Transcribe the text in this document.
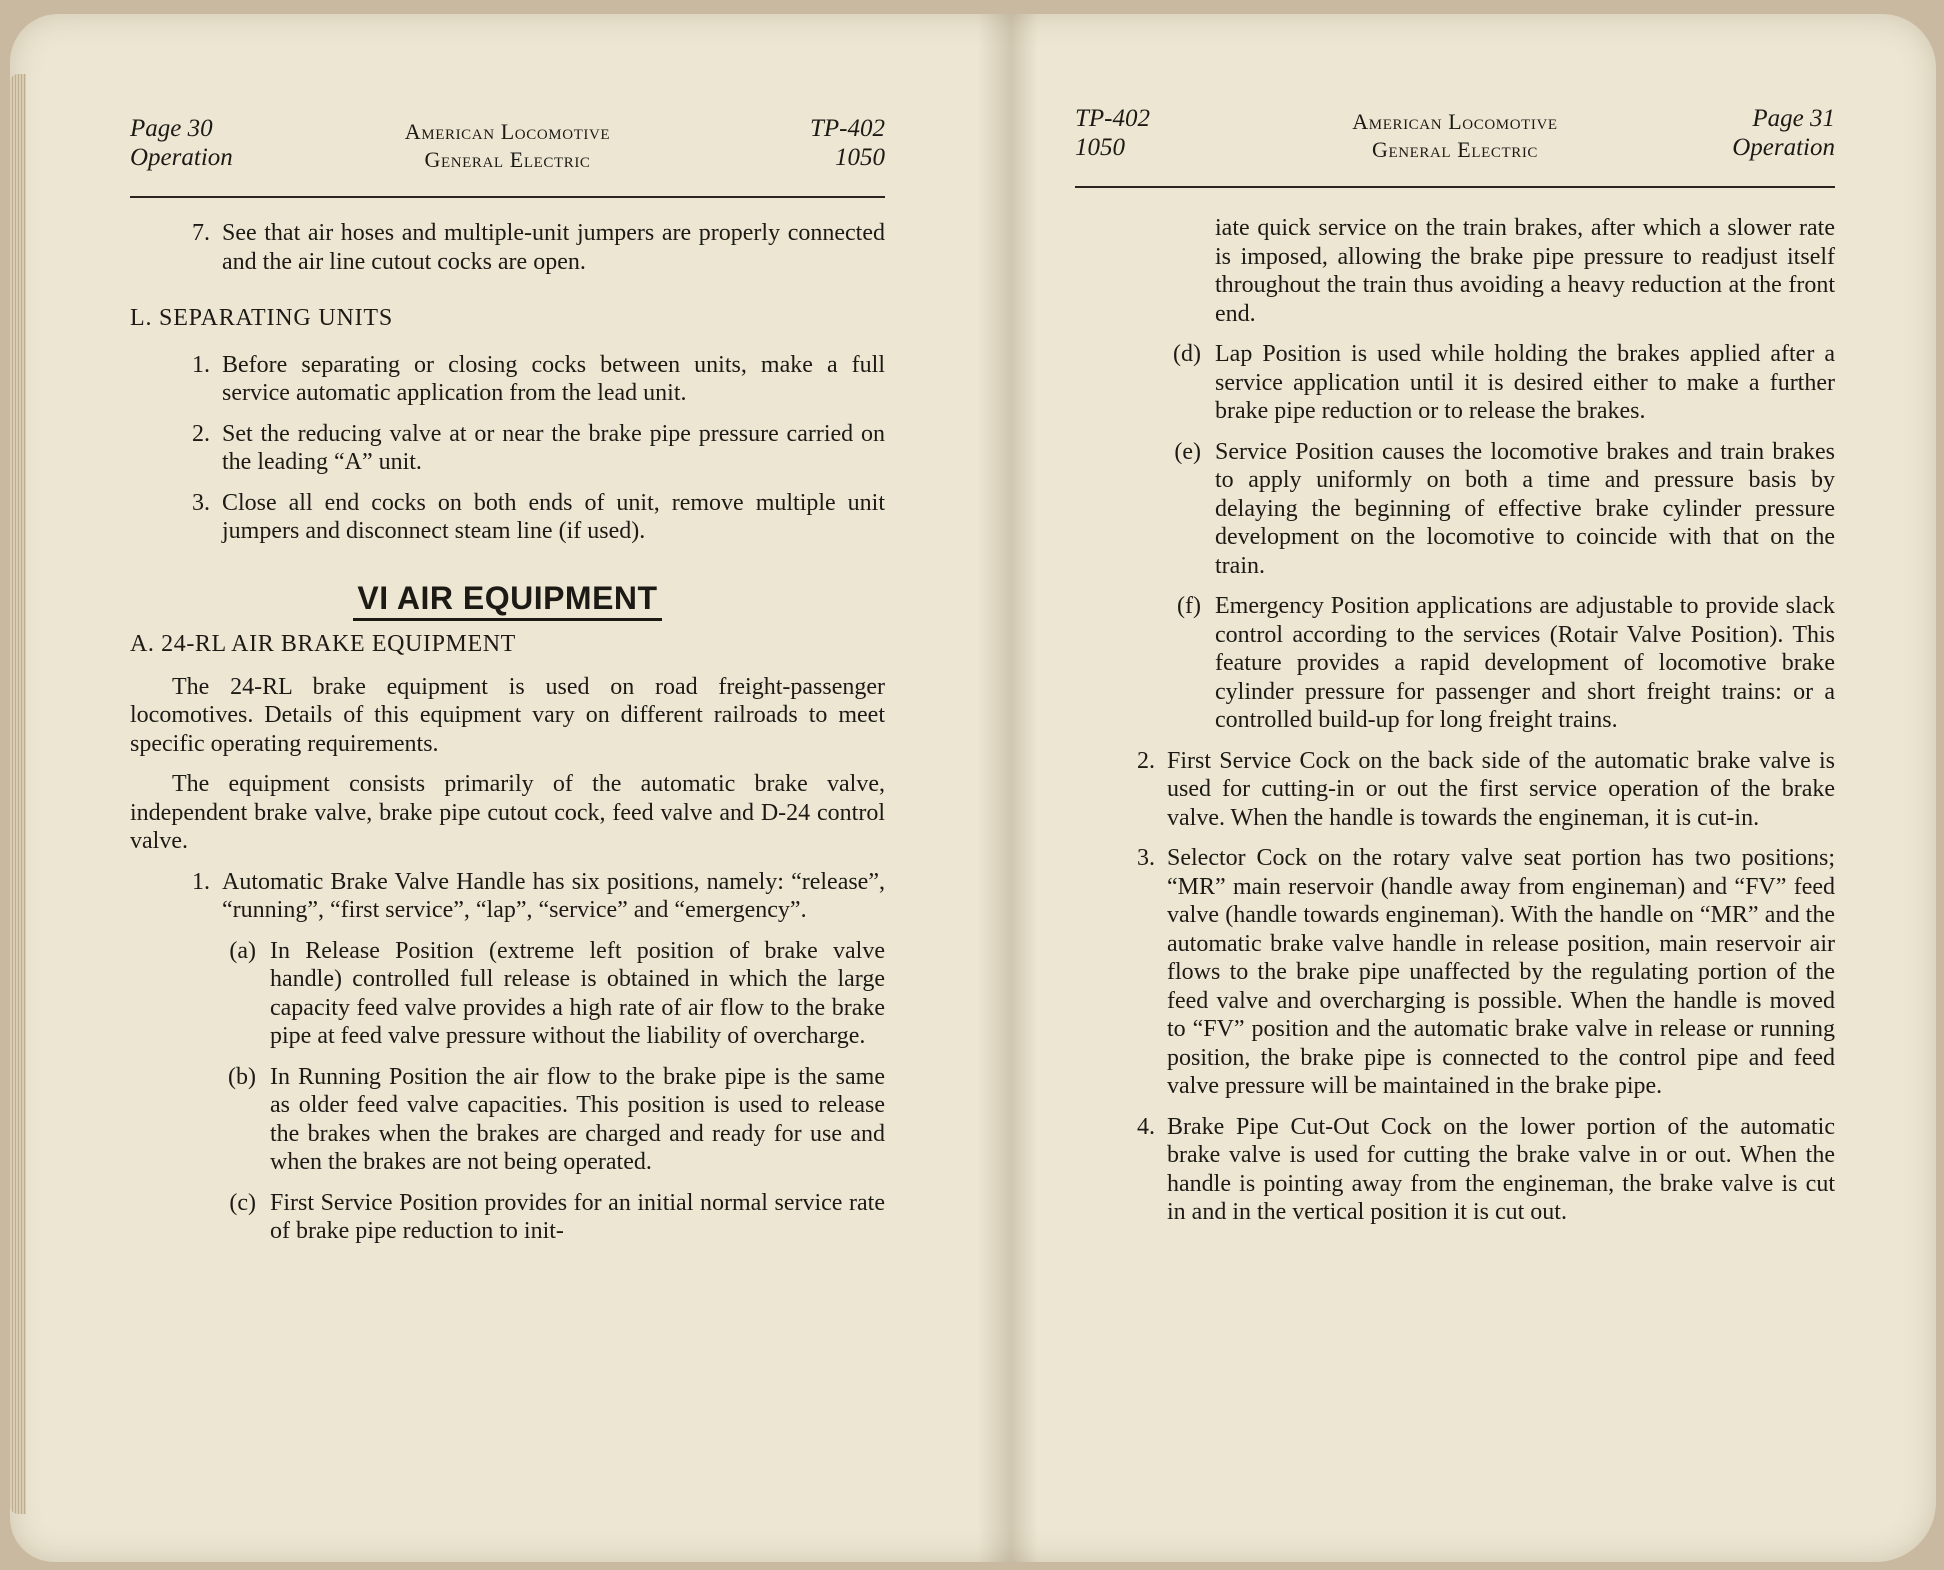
Page 30
Operation
American Locomotive
General Electric
TP-402
1050
7. See that air hoses and multiple-unit jumpers are properly connected and the air line cutout cocks are open.
L. SEPARATING UNITS
1. Before separating or closing cocks between units, make a full service automatic application from the lead unit.
2. Set the reducing valve at or near the brake pipe pressure carried on the leading “A” unit.
3. Close all end cocks on both ends of unit, remove multiple unit jumpers and disconnect steam line (if used).
VI AIR EQUIPMENT
A. 24-RL AIR BRAKE EQUIPMENT

The 24-RL brake equipment is used on road freight-passenger locomotives. Details of this equipment vary on different railroads to meet specific operating requirements.

The equipment consists primarily of the automatic brake valve, independent brake valve, brake pipe cutout cock, feed valve and D-24 control valve.

1. Automatic Brake Valve Handle has six positions, namely: “release”, “running”, “first service”, “lap”, “service” and “emergency”.
(a) In Release Position (extreme left position of brake valve handle) controlled full release is obtained in which the large capacity feed valve provides a high rate of air flow to the brake pipe at feed valve pressure without the liability of overcharge.
(b) In Running Position the air flow to the brake pipe is the same as older feed valve capacities. This position is used to release the brakes when the brakes are charged and ready for use and when the brakes are not being operated.
(c) First Service Position provides for an initial normal service rate of brake pipe reduction to init-
TP-402
1050
American Locomotive
General Electric
Page 31
Operation
iate quick service on the train brakes, after which a slower rate is imposed, allowing the brake pipe pressure to readjust itself throughout the train thus avoiding a heavy reduction at the front end.
(d) Lap Position is used while holding the brakes applied after a service application until it is desired either to make a further brake pipe reduction or to release the brakes.
(e) Service Position causes the locomotive brakes and train brakes to apply uniformly on both a time and pressure basis by delaying the beginning of effective brake cylinder pressure development on the locomotive to coincide with that on the train.
(f) Emergency Position applications are adjustable to provide slack control according to the services (Rotair Valve Position). This feature provides a rapid development of locomotive brake cylinder pressure for passenger and short freight trains: or a controlled build-up for long freight trains.
2. First Service Cock on the back side of the automatic brake valve is used for cutting-in or out the first service operation of the brake valve. When the handle is towards the engineman, it is cut-in.
3. Selector Cock on the rotary valve seat portion has two positions; “MR” main reservoir (handle away from engineman) and “FV” feed valve (handle towards engineman). With the handle on “MR” and the automatic brake valve handle in release position, main reservoir air flows to the brake pipe unaffected by the regulating portion of the feed valve and overcharging is possible. When the handle is moved to “FV” position and the automatic brake valve in release or running position, the brake pipe is connected to the control pipe and feed valve pressure will be maintained in the brake pipe.
4. Brake Pipe Cut-Out Cock on the lower portion of the automatic brake valve is used for cutting the brake valve in or out. When the handle is pointing away from the engineman, the brake valve is cut in and in the vertical position it is cut out.
